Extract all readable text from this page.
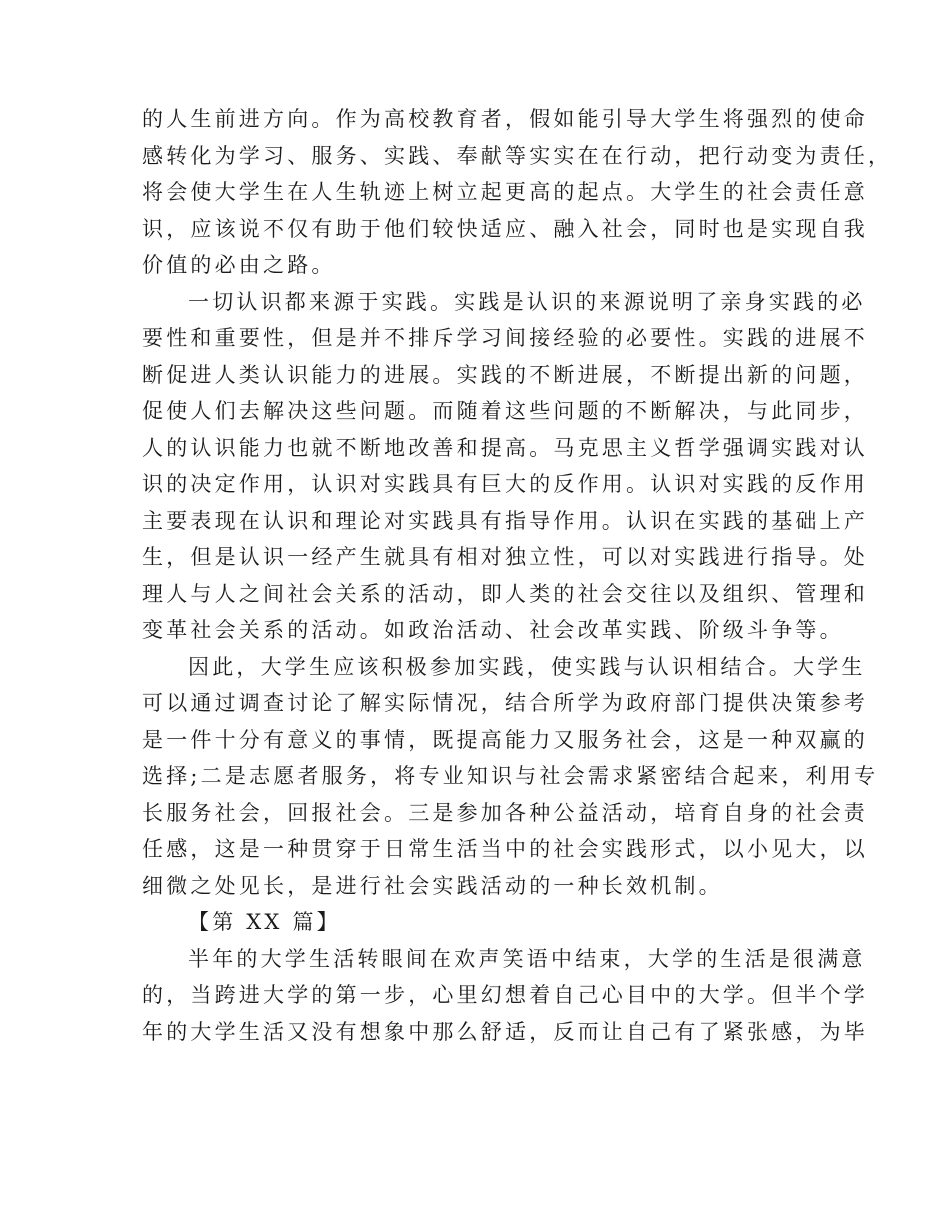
的人生前进方向。作为高校教育者，假如能引导大学生将强烈的使命
感转化为学习、服务、实践、奉献等实实在在行动，把行动变为责任，
将会使大学生在人生轨迹上树立起更高的起点。大学生的社会责任意
识，应该说不仅有助于他们较快适应、融入社会，同时也是实现自我
价值的必由之路。
一切认识都来源于实践。实践是认识的来源说明了亲身实践的必
要性和重要性，但是并不排斥学习间接经验的必要性。实践的进展不
断促进人类认识能力的进展。实践的不断进展，不断提出新的问题，
促使人们去解决这些问题。而随着这些问题的不断解决，与此同步，
人的认识能力也就不断地改善和提高。马克思主义哲学强调实践对认
识的决定作用，认识对实践具有巨大的反作用。认识对实践的反作用
主要表现在认识和理论对实践具有指导作用。认识在实践的基础上产
生，但是认识一经产生就具有相对独立性，可以对实践进行指导。处
理人与人之间社会关系的活动，即人类的社会交往以及组织、管理和
变革社会关系的活动。如政治活动、社会改革实践、阶级斗争等。
因此，大学生应该积极参加实践，使实践与认识相结合。大学生
可以通过调查讨论了解实际情况，结合所学为政府部门提供决策参考
是一件十分有意义的事情，既提高能力又服务社会，这是一种双赢的
选择;二是志愿者服务，将专业知识与社会需求紧密结合起来，利用专
长服务社会，回报社会。三是参加各种公益活动，培育自身的社会责
任感，这是一种贯穿于日常生活当中的社会实践形式，以小见大，以
细微之处见长，是进行社会实践活动的一种长效机制。
【第 XX 篇】
半年的大学生活转眼间在欢声笑语中结束，大学的生活是很满意
的，当跨进大学的第一步，心里幻想着自己心目中的大学。但半个学
年的大学生活又没有想象中那么舒适，反而让自己有了紧张感，为毕
